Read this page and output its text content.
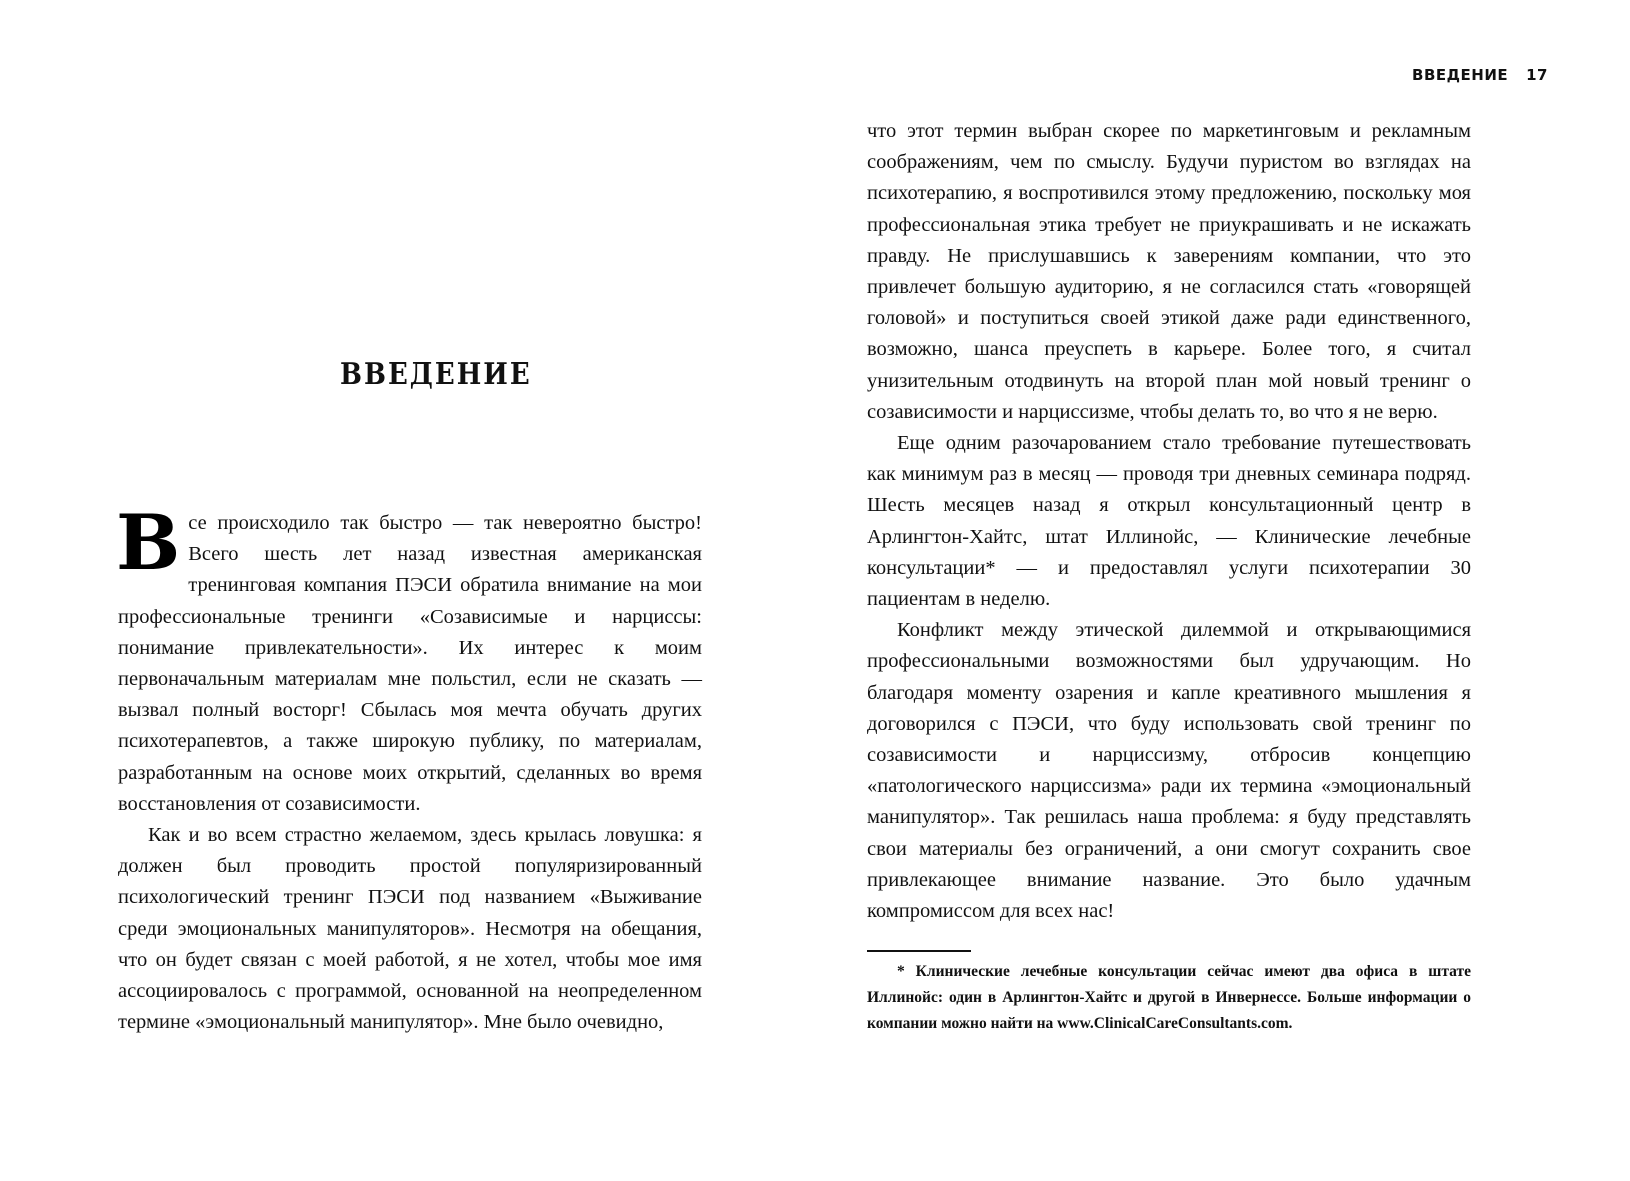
ВВЕДЕНИЕ

Все происходило так быстро — так невероятно быстро! Всего шесть лет назад известная американская тренинговая компания ПЭСИ обратила внимание на мои профессиональные тренинги «Созависимые и нарциссы: понимание привлекательности». Их интерес к моим первоначальным материалам мне польстил, если не сказать — вызвал полный восторг! Сбылась моя мечта обучать других психотерапевтов, а также широкую публику, по материалам, разработанным на основе моих открытий, сделанных во время восстановления от созависимости.

Как и во всем страстно желаемом, здесь крылась ловушка: я должен был проводить простой популяризированный психологический тренинг ПЭСИ под названием «Выживание среди эмоциональных манипуляторов». Несмотря на обещания, что он будет связан с моей работой, я не хотел, чтобы мое имя ассоциировалось с программой, основанной на неопределенном термине «эмоциональный манипулятор». Мне было очевидно,

ВВЕДЕНИЕ 17

что этот термин выбран скорее по маркетинговым и рекламным соображениям, чем по смыслу. Будучи пуристом во взглядах на психотерапию, я воспротивился этому предложению, поскольку моя профессиональная этика требует не приукрашивать и не искажать правду. Не прислушавшись к заверениям компании, что это привлечет большую аудиторию, я не согласился стать «говорящей головой» и поступиться своей этикой даже ради единственного, возможно, шанса преуспеть в карьере. Более того, я считал унизительным отодвинуть на второй план мой новый тренинг о созависимости и нарциссизме, чтобы делать то, во что я не верю.

Еще одним разочарованием стало требование путешествовать как минимум раз в месяц — проводя три дневных семинара подряд. Шесть месяцев назад я открыл консультационный центр в Арлингтон-Хайтс, штат Иллинойс, — Клинические лечебные консультации* — и предоставлял услуги психотерапии 30 пациентам в неделю.

Конфликт между этической дилеммой и открывающимися профессиональными возможностями был удручающим. Но благодаря моменту озарения и капле креативного мышления я договорился с ПЭСИ, что буду использовать свой тренинг по созависимости и нарциссизму, отбросив концепцию «патологического нарциссизма» ради их термина «эмоциональный манипулятор». Так решилась наша проблема: я буду представлять свои материалы без ограничений, а они смогут сохранить свое привлекающее внимание название. Это было удачным компромиссом для всех нас!

* Клинические лечебные консультации сейчас имеют два офиса в штате Иллинойс: один в Арлингтон-Хайтс и другой в Инвернессе. Больше информации о компании можно найти на www.ClinicalCareConsultants.com.
